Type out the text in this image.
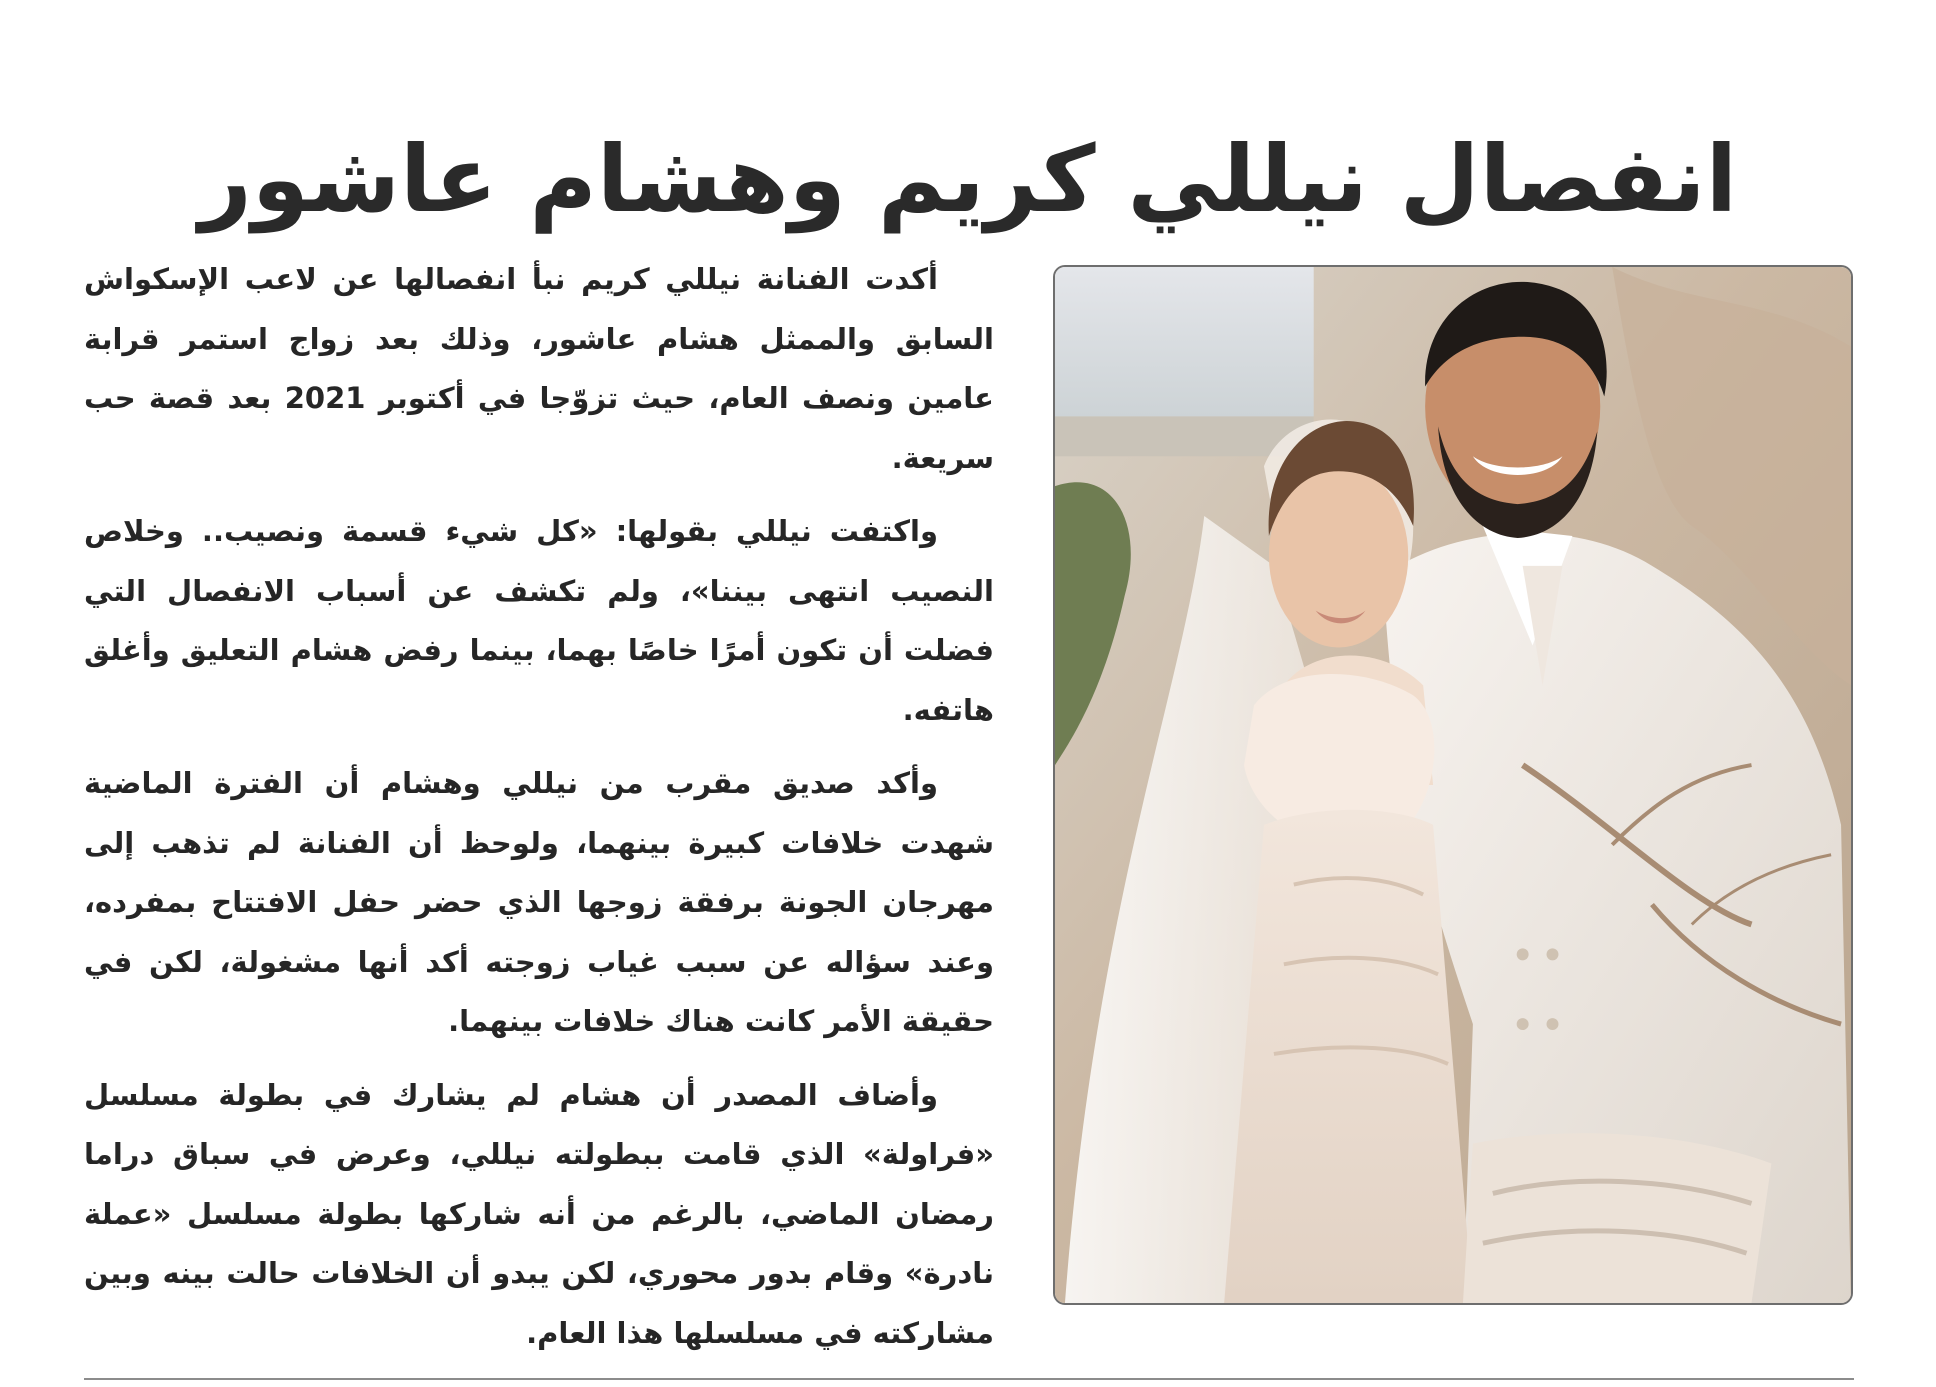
انفصال نيللي كريم وهشام عاشور

أكدت الفنانة نيللي كريم نبأ انفصالها عن لاعب الإسكواش السابق والممثل هشام عاشور، وذلك بعد زواج استمر قرابة عامين ونصف العام، حيث تزوّجا في أكتوبر 2021 بعد قصة حب سريعة.

واكتفت نيللي بقولها: «كل شيء قسمة ونصيب.. وخلاص النصيب انتهى بيننا»، ولم تكشف عن أسباب الانفصال التي فضلت أن تكون أمرًا خاصًا بهما، بينما رفض هشام التعليق وأغلق هاتفه.

وأكد صديق مقرب من نيللي وهشام أن الفترة الماضية شهدت خلافات كبيرة بينهما، ولوحظ أن الفنانة لم تذهب إلى مهرجان الجونة برفقة زوجها الذي حضر حفل الافتتاح بمفرده، وعند سؤاله عن سبب غياب زوجته أكد أنها مشغولة، لكن في حقيقة الأمر كانت هناك خلافات بينهما.

وأضاف المصدر أن هشام لم يشارك في بطولة مسلسل «فراولة» الذي قامت ببطولته نيللي، وعرض في سباق دراما رمضان الماضي، بالرغم من أنه شاركها بطولة مسلسل «عملة نادرة» وقام بدور محوري، لكن يبدو أن الخلافات حالت بينه وبين مشاركته في مسلسلها هذا العام.
